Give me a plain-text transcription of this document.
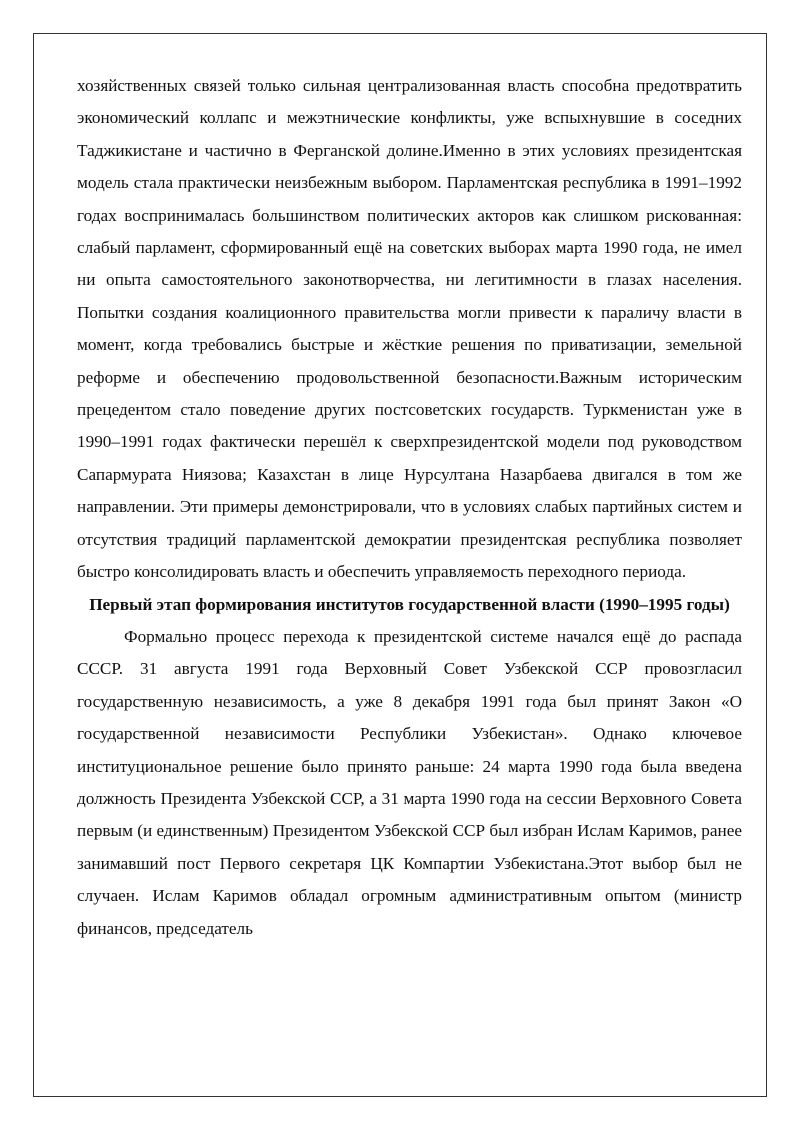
хозяйственных связей только сильная централизованная власть способна предотвратить экономический коллапс и межэтнические конфликты, уже вспыхнувшие в соседних Таджикистане и частично в Ферганской долине.Именно в этих условиях президентская модель стала практически неизбежным выбором. Парламентская республика в 1991–1992 годах воспринималась большинством политических акторов как слишком рискованная: слабый парламент, сформированный ещё на советских выборах марта 1990 года, не имел ни опыта самостоятельного законотворчества, ни легитимности в глазах населения. Попытки создания коалиционного правительства могли привести к параличу власти в момент, когда требовались быстрые и жёсткие решения по приватизации, земельной реформе и обеспечению продовольственной безопасности.Важным историческим прецедентом стало поведение других постсоветских государств. Туркменистан уже в 1990–1991 годах фактически перешёл к сверхпрезидентской модели под руководством Сапармурата Ниязова; Казахстан в лице Нурсултана Назарбаева двигался в том же направлении. Эти примеры демонстрировали, что в условиях слабых партийных систем и отсутствия традиций парламентской демократии президентская республика позволяет быстро консолидировать власть и обеспечить управляемость переходного периода.

Первый этап формирования институтов государственной власти (1990–1995 годы)

Формально процесс перехода к президентской системе начался ещё до распада СССР. 31 августа 1991 года Верховный Совет Узбекской ССР провозгласил государственную независимость, а уже 8 декабря 1991 года был принят Закон «О государственной независимости Республики Узбекистан». Однако ключевое институциональное решение было принято раньше: 24 марта 1990 года была введена должность Президента Узбекской ССР, а 31 марта 1990 года на сессии Верховного Совета первым (и единственным) Президентом Узбекской ССР был избран Ислам Каримов, ранее занимавший пост Первого секретаря ЦК Компартии Узбекистана.Этот выбор был не случаен. Ислам Каримов обладал огромным административным опытом (министр финансов, председатель
